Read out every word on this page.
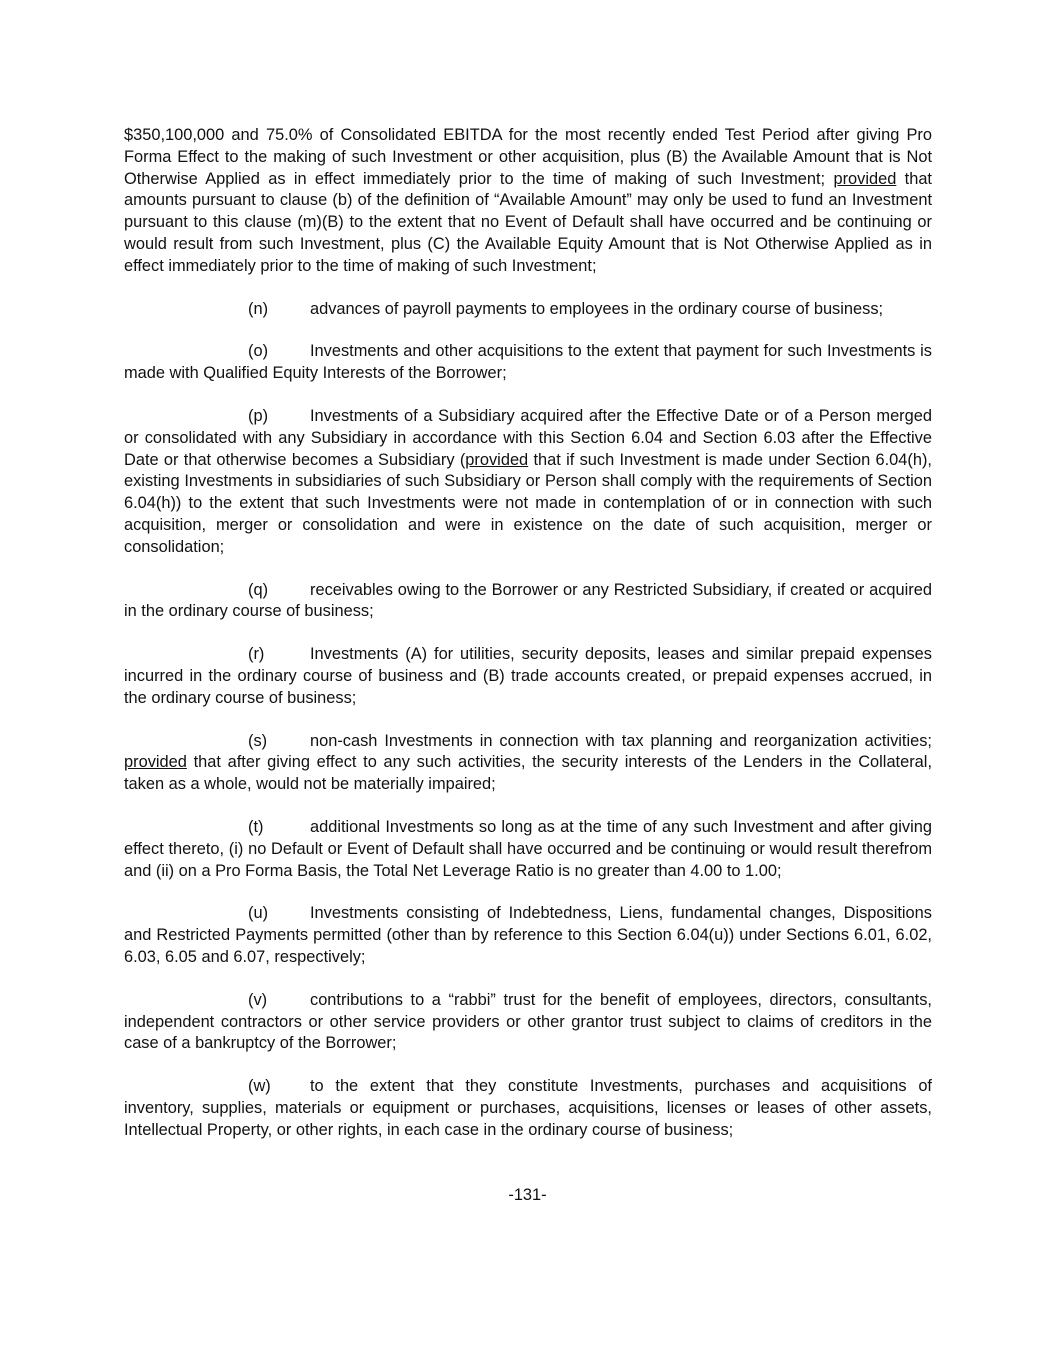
$350,100,000 and 75.0% of Consolidated EBITDA for the most recently ended Test Period after giving Pro Forma Effect to the making of such Investment or other acquisition, plus (B) the Available Amount that is Not Otherwise Applied as in effect immediately prior to the time of making of such Investment; provided that amounts pursuant to clause (b) of the definition of “Available Amount” may only be used to fund an Investment pursuant to this clause (m)(B) to the extent that no Event of Default shall have occurred and be continuing or would result from such Investment, plus (C) the Available Equity Amount that is Not Otherwise Applied as in effect immediately prior to the time of making of such Investment;

(n)	advances of payroll payments to employees in the ordinary course of business;

(o)	Investments and other acquisitions to the extent that payment for such Investments is made with Qualified Equity Interests of the Borrower;

(p)	Investments of a Subsidiary acquired after the Effective Date or of a Person merged or consolidated with any Subsidiary in accordance with this Section 6.04 and Section 6.03 after the Effective Date or that otherwise becomes a Subsidiary (provided that if such Investment is made under Section 6.04(h), existing Investments in subsidiaries of such Subsidiary or Person shall comply with the requirements of Section 6.04(h)) to the extent that such Investments were not made in contemplation of or in connection with such acquisition, merger or consolidation and were in existence on the date of such acquisition, merger or consolidation;

(q)	receivables owing to the Borrower or any Restricted Subsidiary, if created or acquired in the ordinary course of business;

(r)	Investments (A) for utilities, security deposits, leases and similar prepaid expenses incurred in the ordinary course of business and (B) trade accounts created, or prepaid expenses accrued, in the ordinary course of business;

(s)	non-cash Investments in connection with tax planning and reorganization activities; provided that after giving effect to any such activities, the security interests of the Lenders in the Collateral, taken as a whole, would not be materially impaired;

(t)	additional Investments so long as at the time of any such Investment and after giving effect thereto, (i) no Default or Event of Default shall have occurred and be continuing or would result therefrom and (ii) on a Pro Forma Basis, the Total Net Leverage Ratio is no greater than 4.00 to 1.00;

(u)	Investments consisting of Indebtedness, Liens, fundamental changes, Dispositions and Restricted Payments permitted (other than by reference to this Section 6.04(u)) under Sections 6.01, 6.02, 6.03, 6.05 and 6.07, respectively;

(v)	contributions to a “rabbi” trust for the benefit of employees, directors, consultants, independent contractors or other service providers or other grantor trust subject to claims of creditors in the case of a bankruptcy of the Borrower;

(w) to the extent that they constitute Investments, purchases and acquisitions of inventory, supplies, materials or equipment or purchases, acquisitions, licenses or leases of other assets, Intellectual Property, or other rights, in each case in the ordinary course of business;

-131-
